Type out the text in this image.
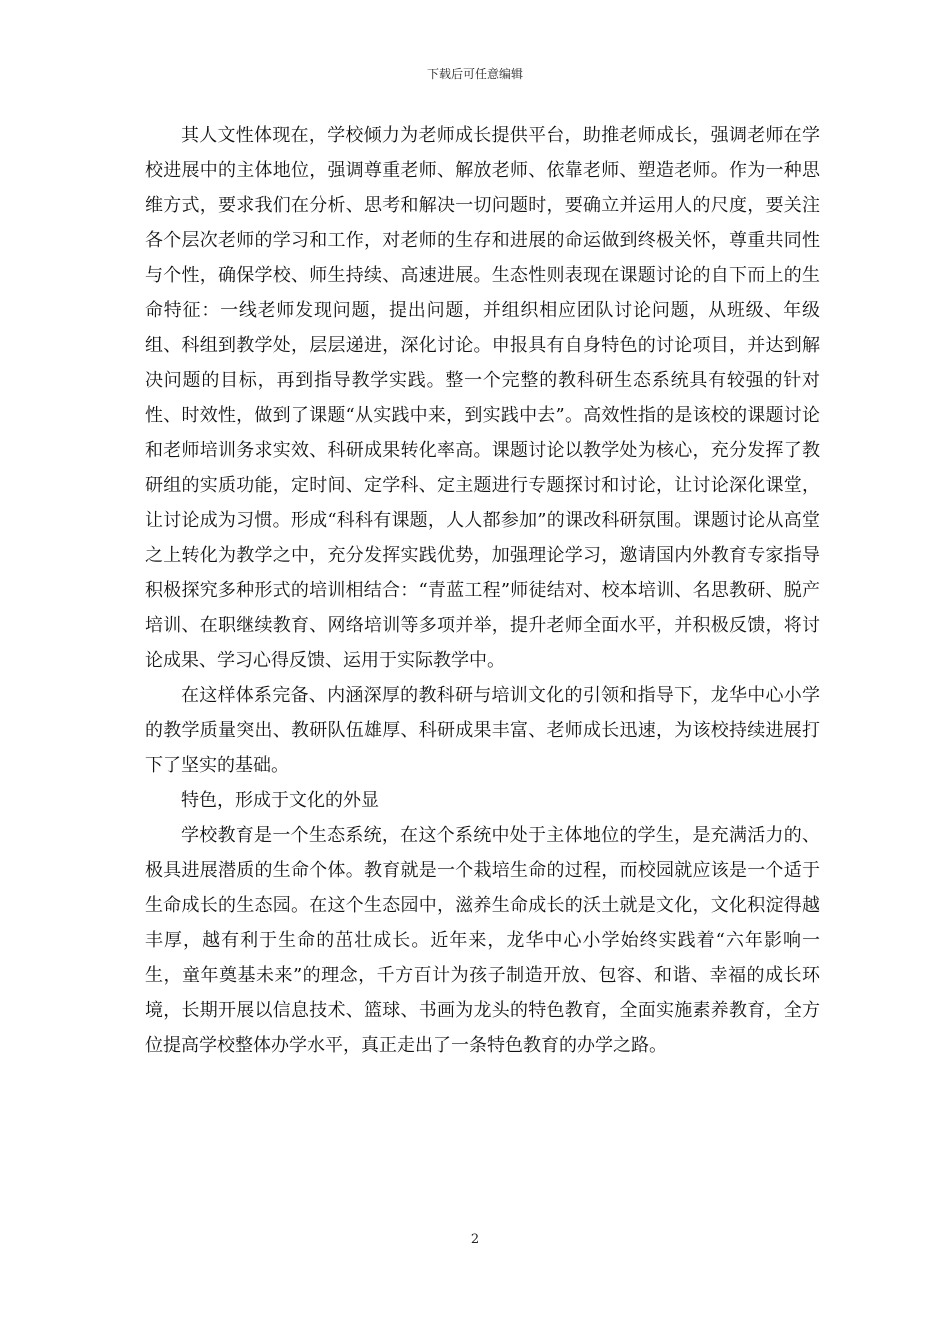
下载后可任意编辑

其人文性体现在，学校倾力为老师成长提供平台，助推老师成长，强调老师在学校进展中的主体地位，强调尊重老师、解放老师、依靠老师、塑造老师。作为一种思维方式，要求我们在分析、思考和解决一切问题时，要确立并运用人的尺度，要关注各个层次老师的学习和工作，对老师的生存和进展的命运做到终极关怀，尊重共同性与个性，确保学校、师生持续、高速进展。生态性则表现在课题讨论的自下而上的生命特征：一线老师发现问题，提出问题，并组织相应团队讨论问题，从班级、年级组、科组到教学处，层层递进，深化讨论。申报具有自身特色的讨论项目，并达到解决问题的目标，再到指导教学实践。整一个完整的教科研生态系统具有较强的针对性、时效性，做到了课题“从实践中来，到实践中去”。高效性指的是该校的课题讨论和老师培训务求实效、科研成果转化率高。课题讨论以教学处为核心，充分发挥了教研组的实质功能，定时间、定学科、定主题进行专题探讨和讨论，让讨论深化课堂，让讨论成为习惯。形成“科科有课题，人人都参加”的课改科研氛围。课题讨论从高堂之上转化为教学之中，充分发挥实践优势，加强理论学习，邀请国内外教育专家指导积极探究多种形式的培训相结合：“青蓝工程”师徒结对、校本培训、名思教研、脱产培训、在职继续教育、网络培训等多项并举，提升老师全面水平，并积极反馈，将讨论成果、学习心得反馈、运用于实际教学中。

在这样体系完备、内涵深厚的教科研与培训文化的引领和指导下，龙华中心小学的教学质量突出、教研队伍雄厚、科研成果丰富、老师成长迅速，为该校持续进展打下了坚实的基础。

特色，形成于文化的外显

学校教育是一个生态系统，在这个系统中处于主体地位的学生，是充满活力的、极具进展潜质的生命个体。教育就是一个栽培生命的过程，而校园就应该是一个适于生命成长的生态园。在这个生态园中，滋养生命成长的沃土就是文化，文化积淀得越丰厚，越有利于生命的茁壮成长。近年来，龙华中心小学始终实践着“六年影响一生，童年奠基未来”的理念，千方百计为孩子制造开放、包容、和谐、幸福的成长环境，长期开展以信息技术、篮球、书画为龙头的特色教育，全面实施素养教育，全方位提高学校整体办学水平，真正走出了一条特色教育的办学之路。

2
